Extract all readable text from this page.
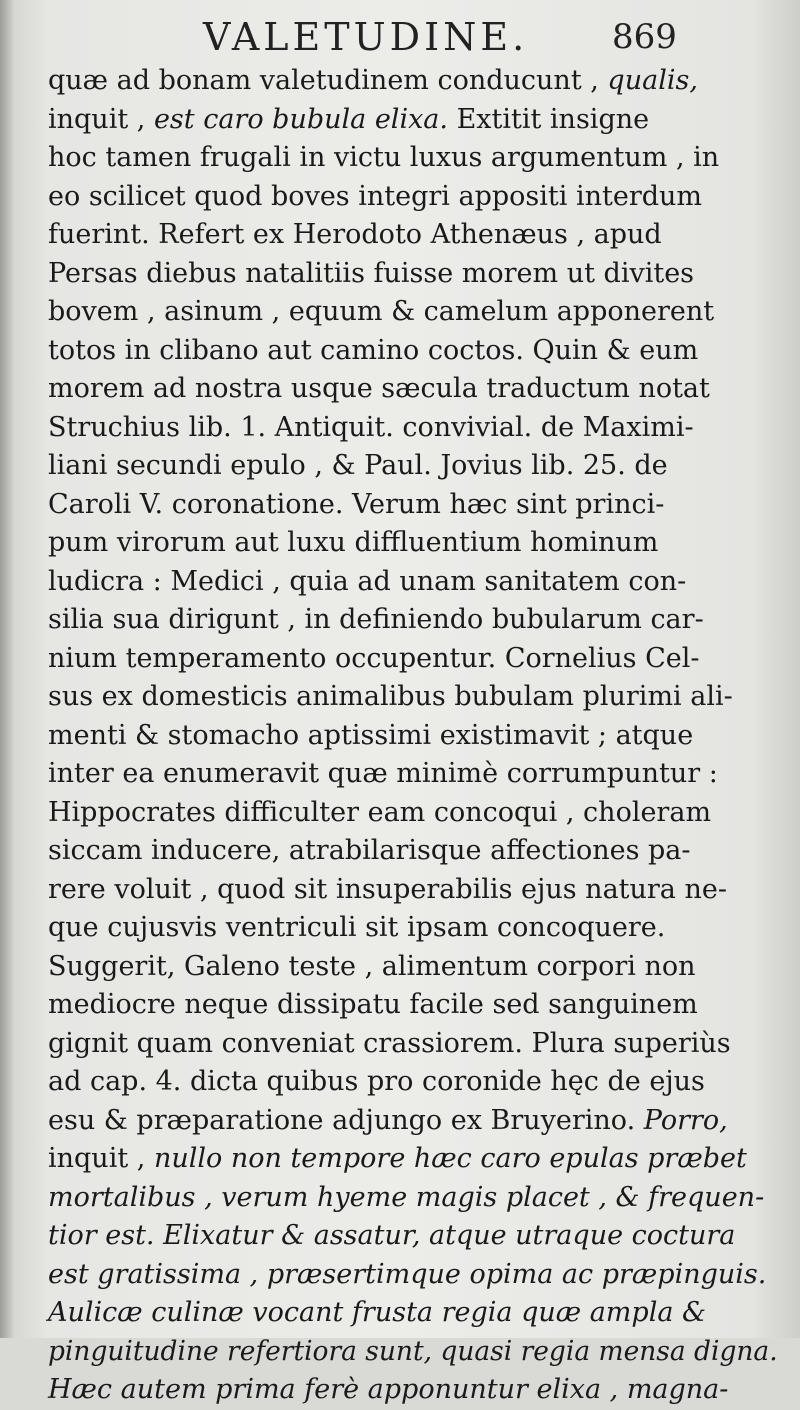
VALETUDINE. 869
quæ ad bonam valetudinem conducunt , qualis,
inquit , est caro bubula elixa. Extitit insigne
hoc tamen frugali in victu luxus argumentum , in
eo scilicet quod boves integri appositi interdum
fuerint. Refert ex Herodoto Athenæus , apud
Persas diebus natalitiis fuisse morem ut divites
bovem , asinum , equum & camelum apponerent
totos in clibano aut camino coctos. Quin & eum
morem ad nostra usque sæcula traductum notat
Struchius lib. 1. Antiquit. convivial. de Maximi-
liani secundi epulo , & Paul. Jovius lib. 25. de
Caroli V. coronatione. Verum hæc sint princi-
pum virorum aut luxu diffluentium hominum
ludicra : Medici , quia ad unam sanitatem con-
silia sua dirigunt , in definiendo bubularum car-
nium temperamento occupentur. Cornelius Cel-
sus ex domesticis animalibus bubulam plurimi ali-
menti & stomacho aptissimi existimavit ; atque
inter ea enumeravit quæ minimè corrumpuntur :
Hippocrates difficulter eam concoqui , choleram
siccam inducere, atrabilarisque affectiones pa-
rere voluit , quod sit insuperabilis ejus natura ne-
que cujusvis ventriculi sit ipsam concoquere.
Suggerit, Galeno teste , alimentum corpori non
mediocre neque dissipatu facile sed sanguinem
gignit quam conveniat crassiorem. Plura superiùs
ad cap. 4. dicta quibus pro coronide hęc de ejus
esu & præparatione adjungo ex Bruyerino. Porro,
inquit , nullo non tempore hæc caro epulas præbet
mortalibus , verum hyeme magis placet , & frequen-
tior est. Elixatur & assatur, atque utraque coctura
est gratissima , præsertimque opima ac præpinguis.
Aulicæ culinæ vocant frusta regia quæ ampla &
pinguitudine refertiora sunt, quasi regia mensa digna.
Hæc autem prima ferè apponuntur elixa , magna-
